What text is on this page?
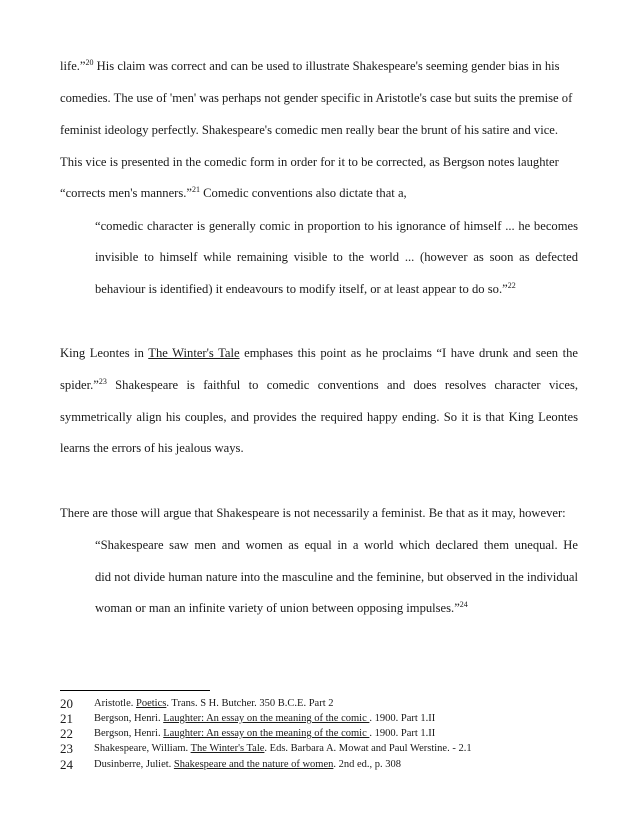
life.”$^{20}$ His claim was correct and can be used to illustrate Shakespeare's seeming gender bias in his
comedies. The use of 'men' was perhaps not gender specific in Aristotle's case but suits the premise of
feminist ideology perfectly. Shakespeare's comedic men really bear the brunt of his satire and vice.
This vice is presented in the comedic form in order for it to be corrected, as Bergson notes laughter
“corrects men's manners.”$^{21}$ Comedic conventions also dictate that a,
“comedic character is generally comic in proportion to his ignorance of himself ... he becomes
invisible to himself while remaining visible to the world ... (however as soon as defected
behaviour is identified) it endeavours to modify itself, or at least appear to do so.”$^{22}$
King Leontes in The Winter's Tale emphases this point as he proclaims “I have drunk and seen the
spider.”$^{23}$ Shakespeare is faithful to comedic conventions and does resolves character vices,
symmetrically align his couples, and provides the required happy ending. So it is that King Leontes
learns the errors of his jealous ways.
There are those will argue that Shakespeare is not necessarily a feminist. Be that as it may, however:
“Shakespeare saw men and women as equal in a world which declared them unequal. He
did not divide human nature into the masculine and the feminine, but observed in the individual
woman or man an infinite variety of union between opposing impulses.”$^{24}$
20 Aristotle. Poetics. Trans. S H. Butcher. 350 B.C.E. Part 2
21 Bergson, Henri. Laughter: An essay on the meaning of the comic . 1900. Part 1.II
22 Bergson, Henri. Laughter: An essay on the meaning of the comic . 1900. Part 1.II
23 Shakespeare, William. The Winter's Tale. Eds. Barbara A. Mowat and Paul Werstine. - 2.1
24 Dusinberre, Juliet. Shakespeare and the nature of women. 2nd ed., p. 308
